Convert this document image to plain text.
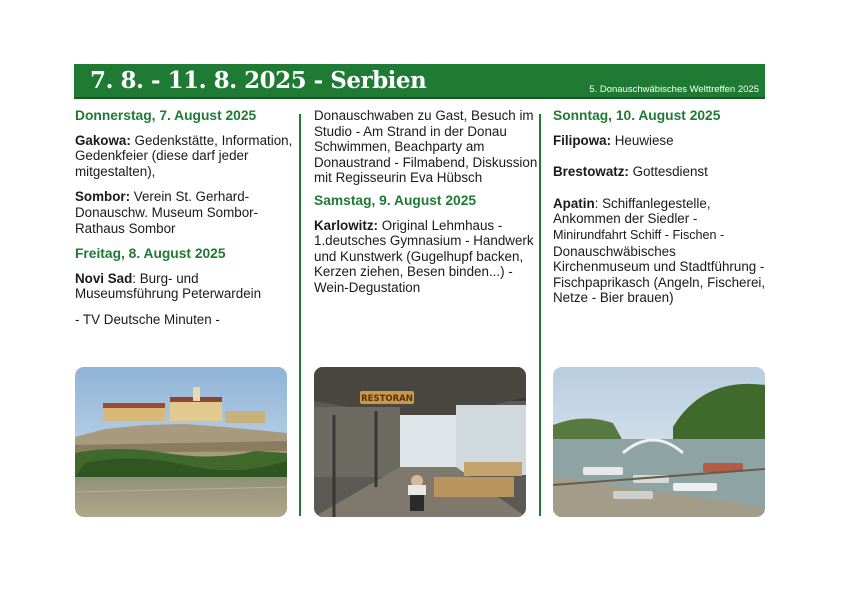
7. 8. - 11. 8. 2025 - Serbien	5. Donauschwäbisches Welttreffen 2025
Donnerstag, 7. August 2025
Gakowa: Gedenkstätte, Information, Gedenkfeier (diese darf jeder mitgestalten),
Sombor: Verein St. Gerhard- Donauschw. Museum Sombor- Rathaus Sombor
Freitag, 8. August 2025
Novi Sad: Burg- und Museumsführung Peterwardein
- TV Deutsche Minuten -
Donauschwaben zu Gast, Besuch im Studio - Am Strand in der Donau Schwimmen, Beachparty am Donaustrand - Filmabend, Diskussion mit Regisseurin Eva Hübsch
Samstag, 9. August 2025
Karlowitz: Original Lehmhaus - 1.deutsches Gymnasium - Handwerk und Kunstwerk (Gugelhupf backen, Kerzen ziehen, Besen binden...) - Wein-Degustation
Sonntag, 10. August 2025
Filipowa: Heuwiese
Brestowatz: Gottesdienst
Apatin: Schiffanlegestelle, Ankommen der Siedler -
Minirundfahrt Schiff - Fischen -
Donauschwäbisches Kirchenmuseum und Stadtführung - Fischpaprikasch (Angeln, Fischerei, Netze - Bier brauen)
RESTORAN
